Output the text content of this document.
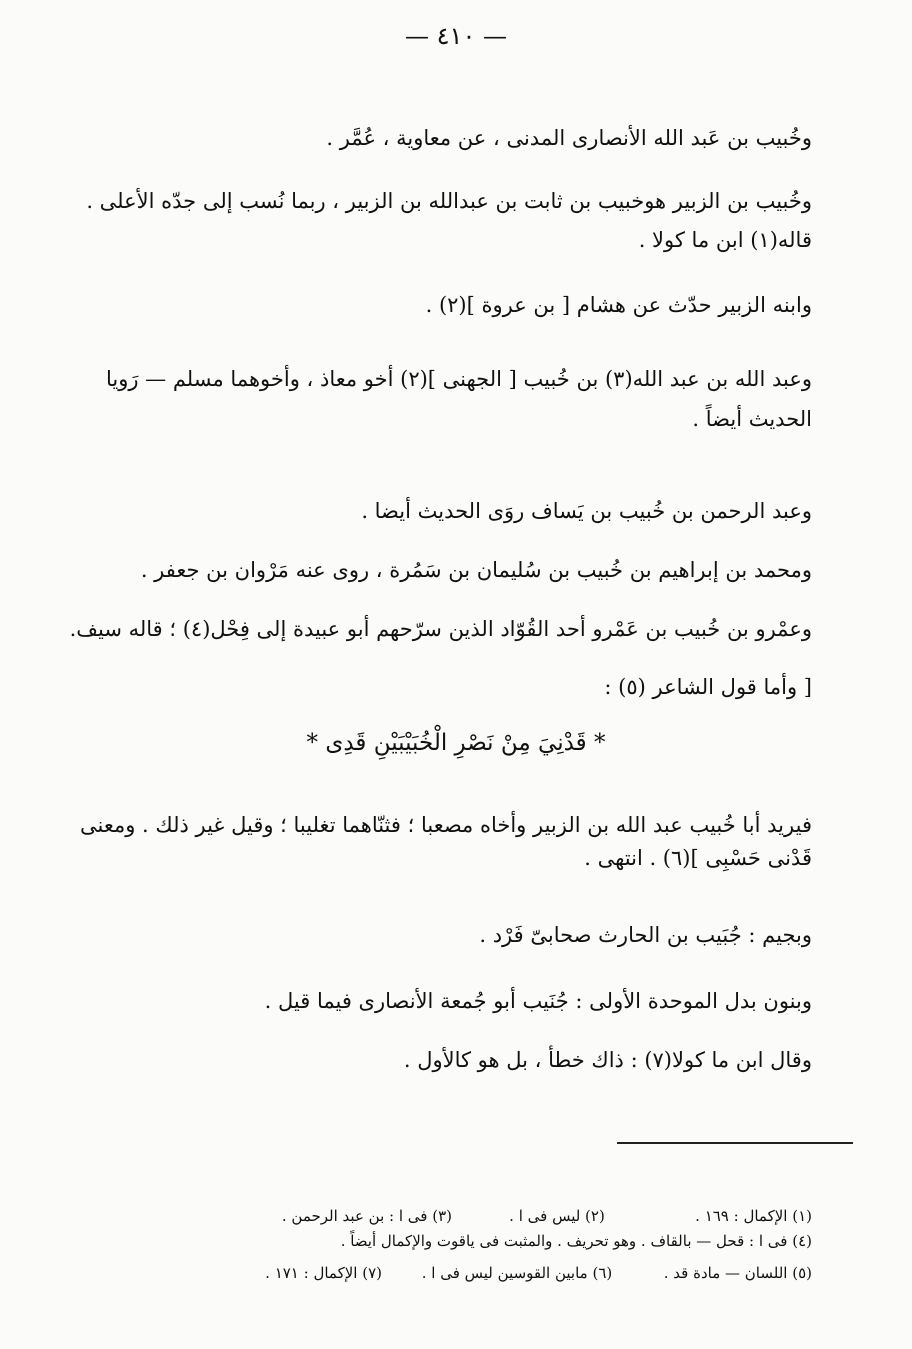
— ٤١٠ —
وخُبيب بن عَبد الله الأنصارى المدنى ، عن معاوية ، عُمَّر .
وخُبيب بن الزبير هوخبيب بن ثابت بن عبدالله بن الزبير ، ربما نُسب إلى جدّه الأعلى .
قاله(١) ابن ما كولا .
وابنه الزبير حدّث عن هشام [ بن عروة ](٢) .
وعبد الله بن عبد الله(٣) بن خُبيب [ الجهنى ](٢) أخو معاذ ، وأخوهما مسلم — رَويا
الحديث أيضاً .
وعبد الرحمن بن خُبيب بن يَساف روَى الحديث أيضا .
ومحمد بن إبراهيم بن خُبيب بن سُليمان بن سَمُرة ، روى عنه مَرْوان بن جعفر .
وعمْرو بن خُبيب بن عَمْرو أحد القُوّاد الذين سرّحهم أبو عبيدة إلى فِحْل(٤) ؛ قاله سيف.
[ وأما قول الشاعر (٥) :
* قَدْنِيَ مِنْ نَصْرِ الْخُبَيْبَيْنِ قَدِى *
فيريد أبا خُبيب عبد الله بن الزبير وأخاه مصعبا ؛ فثنّاهما تغليبا ؛ وقيل غير ذلك . ومعنى
قَدْنى حَسْبِى ](٦) . انتهى .
وبجيم : جُبَيب بن الحارث صحابىّ فَرْد .
وبنون بدل الموحدة الأولى : جُنَيب أبو جُمعة الأنصارى فيما قيل .
وقال ابن ما كولا(٧) : ذاك خطأ ، بل هو كالأول .
(١) الإكمال : ١٦٩ .(٢) ليس فى ا .(٣) فى ا : بن عبد الرحمن .
(٤) فى ا : قحل — بالقاف . وهو تحريف . والمثبت فى ياقوت والإكمال أيضاً .
(٥) اللسان — مادة قد .(٦) مابين القوسين ليس فى ا .(٧) الإكمال : ١٧١ .
